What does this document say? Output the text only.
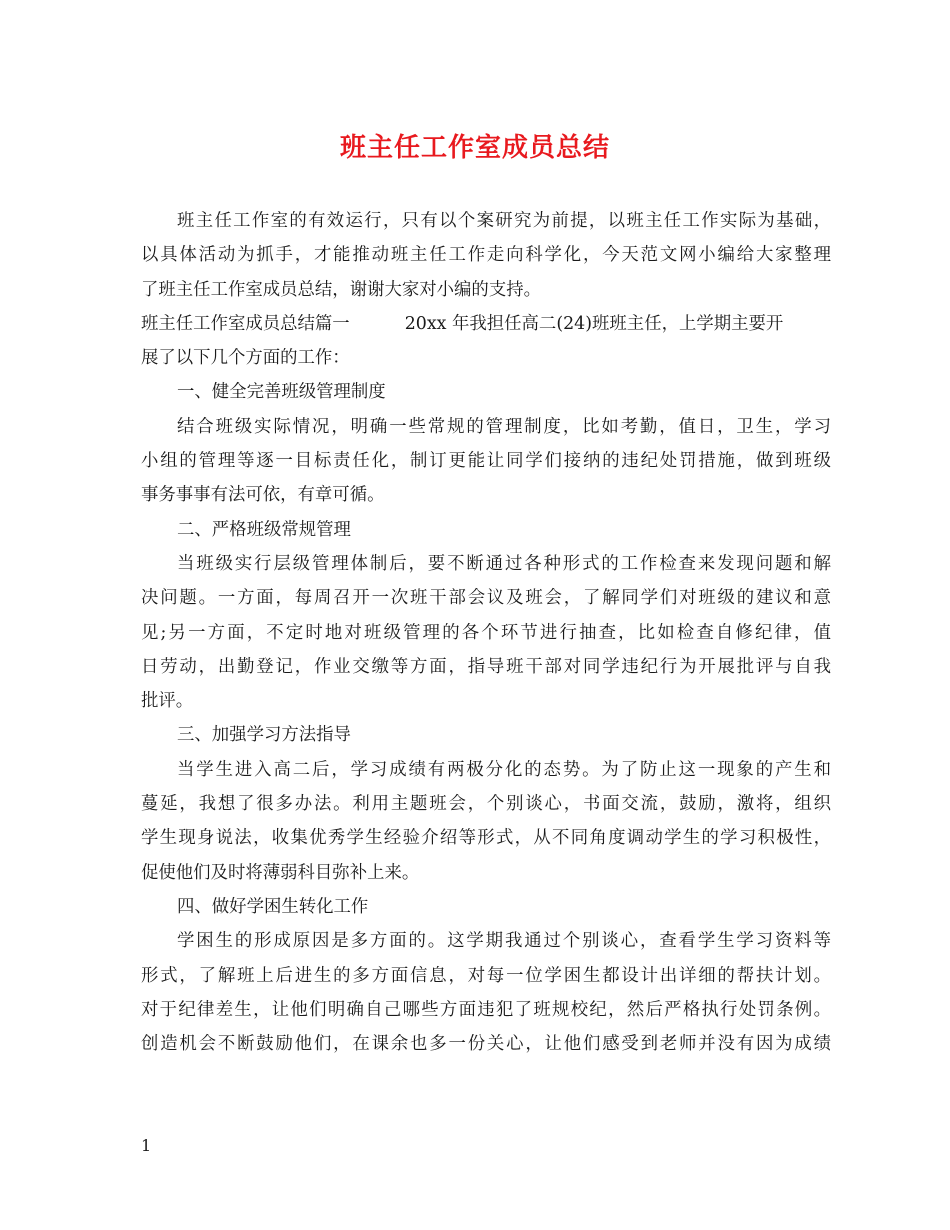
班主任工作室成员总结
班主任工作室的有效运行，只有以个案研究为前提，以班主任工作实际为基础，
以具体活动为抓手，才能推动班主任工作走向科学化，今天范文网小编给大家整理
了班主任工作室成员总结，谢谢大家对小编的支持。
班主任工作室成员总结篇一	20xx 年我担任高二(24)班班主任，上学期主要开
展了以下几个方面的工作：
一、健全完善班级管理制度
结合班级实际情况，明确一些常规的管理制度，比如考勤，值日，卫生，学习
小组的管理等逐一目标责任化，制订更能让同学们接纳的违纪处罚措施，做到班级
事务事事有法可依，有章可循。
二、严格班级常规管理
当班级实行层级管理体制后，要不断通过各种形式的工作检查来发现问题和解
决问题。一方面，每周召开一次班干部会议及班会，了解同学们对班级的建议和意
见;另一方面，不定时地对班级管理的各个环节进行抽查，比如检查自修纪律，值
日劳动，出勤登记，作业交缴等方面，指导班干部对同学违纪行为开展批评与自我
批评。
三、加强学习方法指导
当学生进入高二后，学习成绩有两极分化的态势。为了防止这一现象的产生和
蔓延，我想了很多办法。利用主题班会，个别谈心，书面交流，鼓励，激将，组织
学生现身说法，收集优秀学生经验介绍等形式，从不同角度调动学生的学习积极性，
促使他们及时将薄弱科目弥补上来。
四、做好学困生转化工作
学困生的形成原因是多方面的。这学期我通过个别谈心，查看学生学习资料等
形式，了解班上后进生的多方面信息，对每一位学困生都设计出详细的帮扶计划。
对于纪律差生，让他们明确自己哪些方面违犯了班规校纪，然后严格执行处罚条例。
创造机会不断鼓励他们，在课余也多一份关心，让他们感受到老师并没有因为成绩
1
